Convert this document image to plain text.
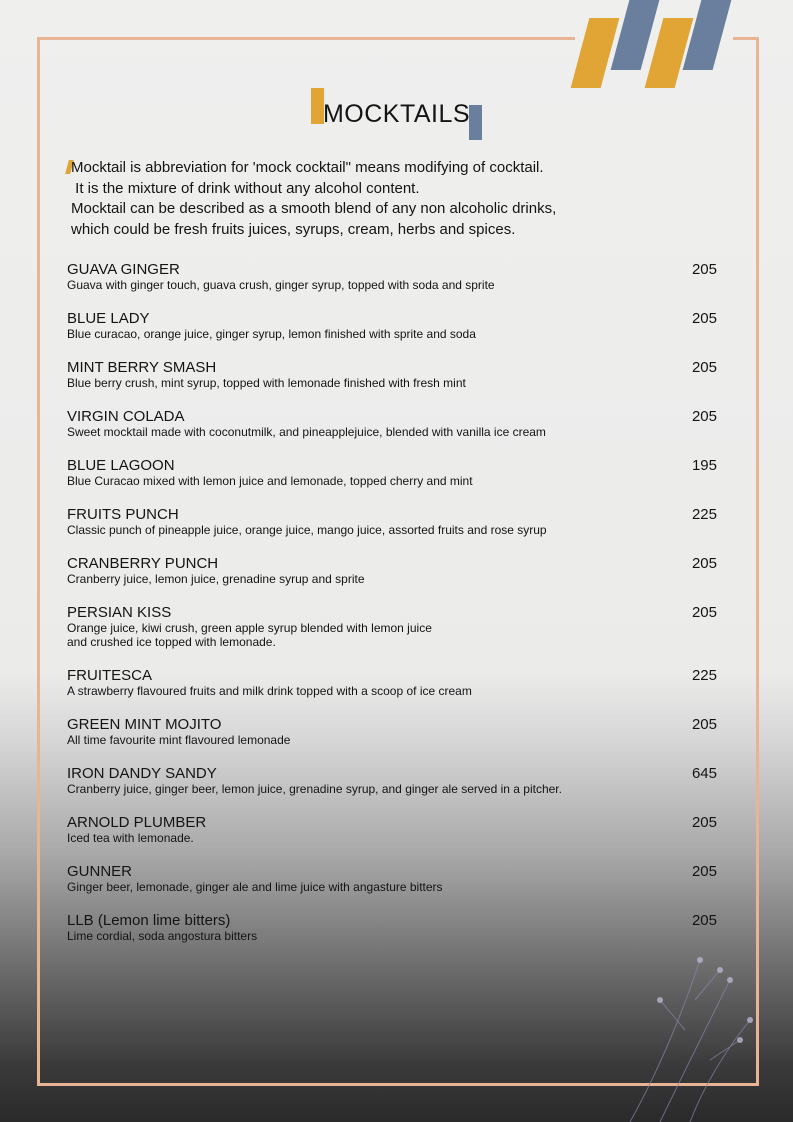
MOCKTAILS
Mocktail is abbreviation for 'mock cocktail" means modifying of cocktail.
It is the mixture of drink without any alcohol content.
Mocktail can be described as a smooth blend of any non alcoholic drinks,
which could be fresh fruits juices, syrups, cream, herbs and spices.
GUAVA GINGER	205
Guava with ginger touch, guava crush, ginger syrup, topped with soda and sprite
BLUE LADY	205
Blue curacao, orange juice, ginger syrup, lemon finished with sprite and soda
MINT BERRY SMASH	205
Blue berry crush, mint syrup, topped with lemonade finished with fresh mint
VIRGIN COLADA	205
Sweet mocktail made with coconutmilk, and pineapplejuice, blended with vanilla ice cream
BLUE LAGOON	195
Blue Curacao mixed with lemon juice and lemonade, topped cherry and mint
FRUITS PUNCH	225
Classic punch of pineapple juice, orange juice, mango juice, assorted fruits and rose syrup
CRANBERRY PUNCH	205
Cranberry juice, lemon juice, grenadine syrup and sprite
PERSIAN KISS	205
Orange juice, kiwi crush, green apple syrup blended with lemon juice
and crushed ice topped with lemonade.
FRUITESCA	225
A strawberry flavoured fruits and milk drink topped with a scoop of ice cream
GREEN MINT MOJITO	205
All time favourite mint flavoured lemonade
IRON DANDY SANDY	645
Cranberry juice, ginger beer, lemon juice, grenadine syrup, and ginger ale served in a pitcher.
ARNOLD PLUMBER	205
Iced tea with lemonade.
GUNNER	205
Ginger beer, lemonade, ginger ale and lime juice with angasture bitters
LLB (Lemon lime bitters)	205
Lime cordial, soda angostura bitters
